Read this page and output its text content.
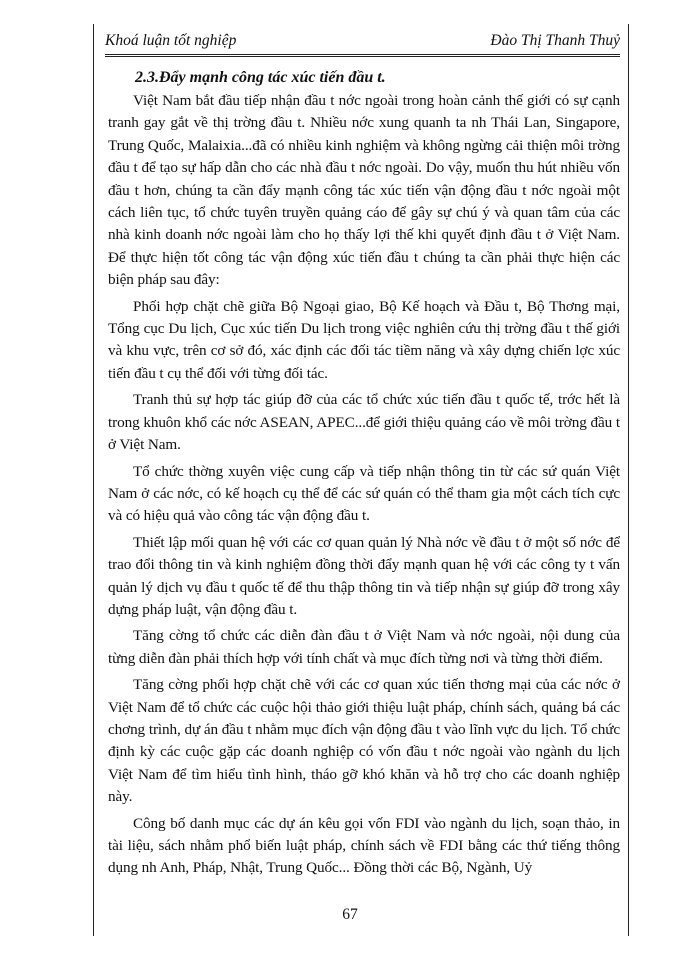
Khoá luận tốt nghiệp	Đào Thị Thanh Thuỷ

2.3.Đẩy mạnh công tác xúc tiến đầu t.

Việt Nam bắt đầu tiếp nhận đầu t nớc ngoài trong hoàn cảnh thế giới có sự cạnh tranh gay gắt về thị trờng đầu t. Nhiều nớc xung quanh ta nh Thái Lan, Singapore, Trung Quốc, Malaixia...đã có nhiều kinh nghiệm và không ngừng cải thiện môi trờng đầu t để tạo sự hấp dẫn cho các nhà đầu t nớc ngoài. Do vậy, muốn thu hút nhiều vốn đầu t hơn, chúng ta cần đẩy mạnh công tác xúc tiến vận động đầu t nớc ngoài một cách liên tục, tổ chức tuyên truyền quảng cáo để gây sự chú ý và quan tâm của các nhà kinh doanh nớc ngoài làm cho họ thấy lợi thế khi quyết định đầu t ở Việt Nam. Để thực hiện tốt công tác vận động xúc tiến đầu t chúng ta cần phải thực hiện các biện pháp sau đây:

Phối hợp chặt chẽ giữa Bộ Ngoại giao, Bộ Kế hoạch và Đầu t, Bộ Thơng mại, Tổng cục Du lịch, Cục xúc tiến Du lịch trong việc nghiên cứu thị trờng đầu t thế giới và khu vực, trên cơ sở đó, xác định các đối tác tiềm năng và xây dựng chiến lợc xúc tiến đầu t cụ thể đối với từng đối tác.

Tranh thủ sự hợp tác giúp đỡ của các tổ chức xúc tiến đầu t quốc tế, trớc hết là trong khuôn khổ các nớc ASEAN, APEC...để giới thiệu quảng cáo về môi trờng đầu t ở Việt Nam.

Tổ chức thờng xuyên việc cung cấp và tiếp nhận thông tin từ các sứ quán Việt Nam ở các nớc, có kế hoạch cụ thể để các sứ quán có thể tham gia một cách tích cực và có hiệu quả vào công tác vận động đầu t.

Thiết lập mối quan hệ với các cơ quan quản lý Nhà nớc về đầu t ở một số nớc để trao đổi thông tin và kinh nghiệm đồng thời đẩy mạnh quan hệ với các công ty t vấn quản lý dịch vụ đầu t quốc tế để thu thập thông tin và tiếp nhận sự giúp đỡ trong xây dựng pháp luật, vận động đầu t.

Tăng cờng tổ chức các diễn đàn đầu t ở Việt Nam và nớc ngoài, nội dung của từng diễn đàn phải thích hợp với tính chất và mục đích từng nơi và từng thời điểm.

Tăng cờng phối hợp chặt chẽ với các cơ quan xúc tiến thơng mại của các nớc ở Việt Nam để tổ chức các cuộc hội thảo giới thiệu luật pháp, chính sách, quảng bá các chơng trình, dự án đầu t nhằm mục đích vận động đầu t vào lĩnh vực du lịch. Tổ chức định kỳ các cuộc gặp các doanh nghiệp có vốn đầu t nớc ngoài vào ngành du lịch Việt Nam để tìm hiểu tình hình, tháo gỡ khó khăn và hỗ trợ cho các doanh nghiệp này.

Công bố danh mục các dự án kêu gọi vốn FDI vào ngành du lịch, soạn thảo, in tài liệu, sách nhằm phổ biến luật pháp, chính sách về FDI bằng các thứ tiếng thông dụng nh Anh, Pháp, Nhật, Trung Quốc... Đồng thời các Bộ, Ngành, Uỷ

67
